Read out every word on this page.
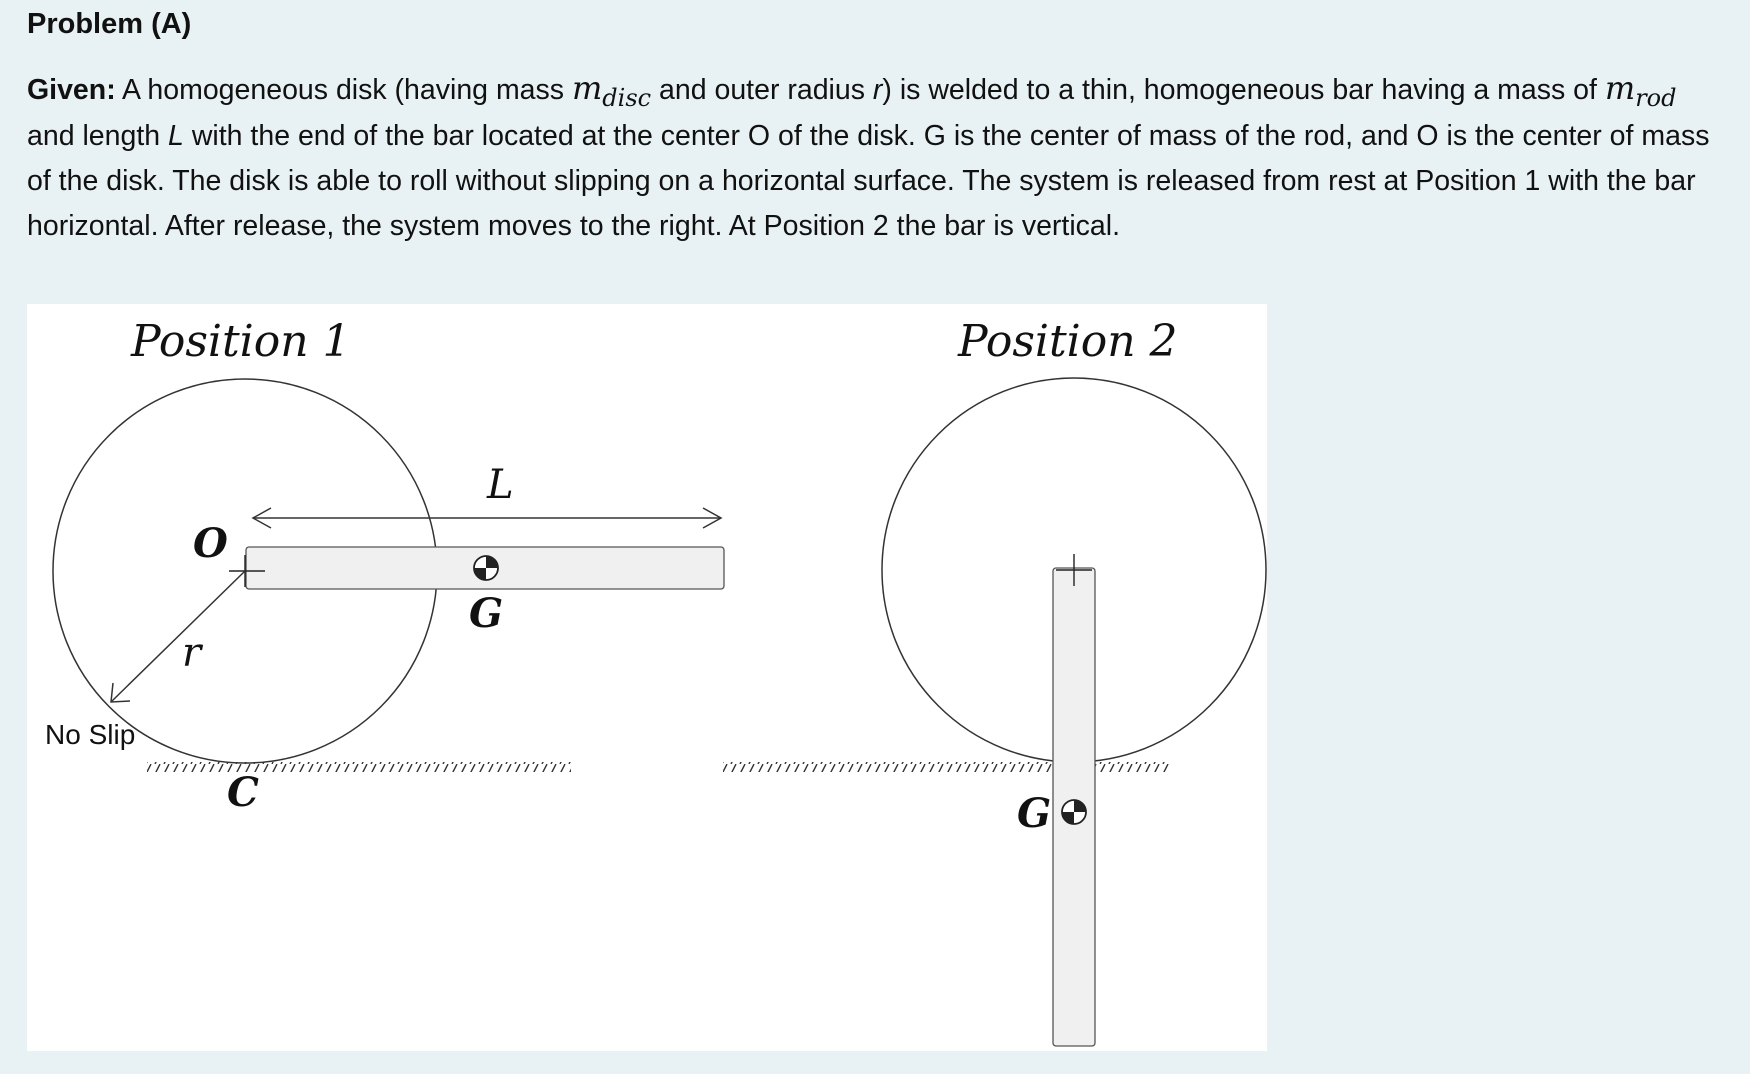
Problem (A)

Given: A homogeneous disk (having mass $m_{disc}$ and outer radius r) is welded to a thin, homogeneous bar having a mass of $m_{rod}$ and length L with the end of the bar located at the center O of the disk. G is the center of mass of the rod, and O is the center of mass of the disk. The disk is able to roll without slipping on a horizontal surface. The system is released from rest at Position 1 with the bar horizontal. After release, the system moves to the right. At Position 2 the bar is vertical.

Position 1
L
r
O
G
No Slip
C
Position 2
G
